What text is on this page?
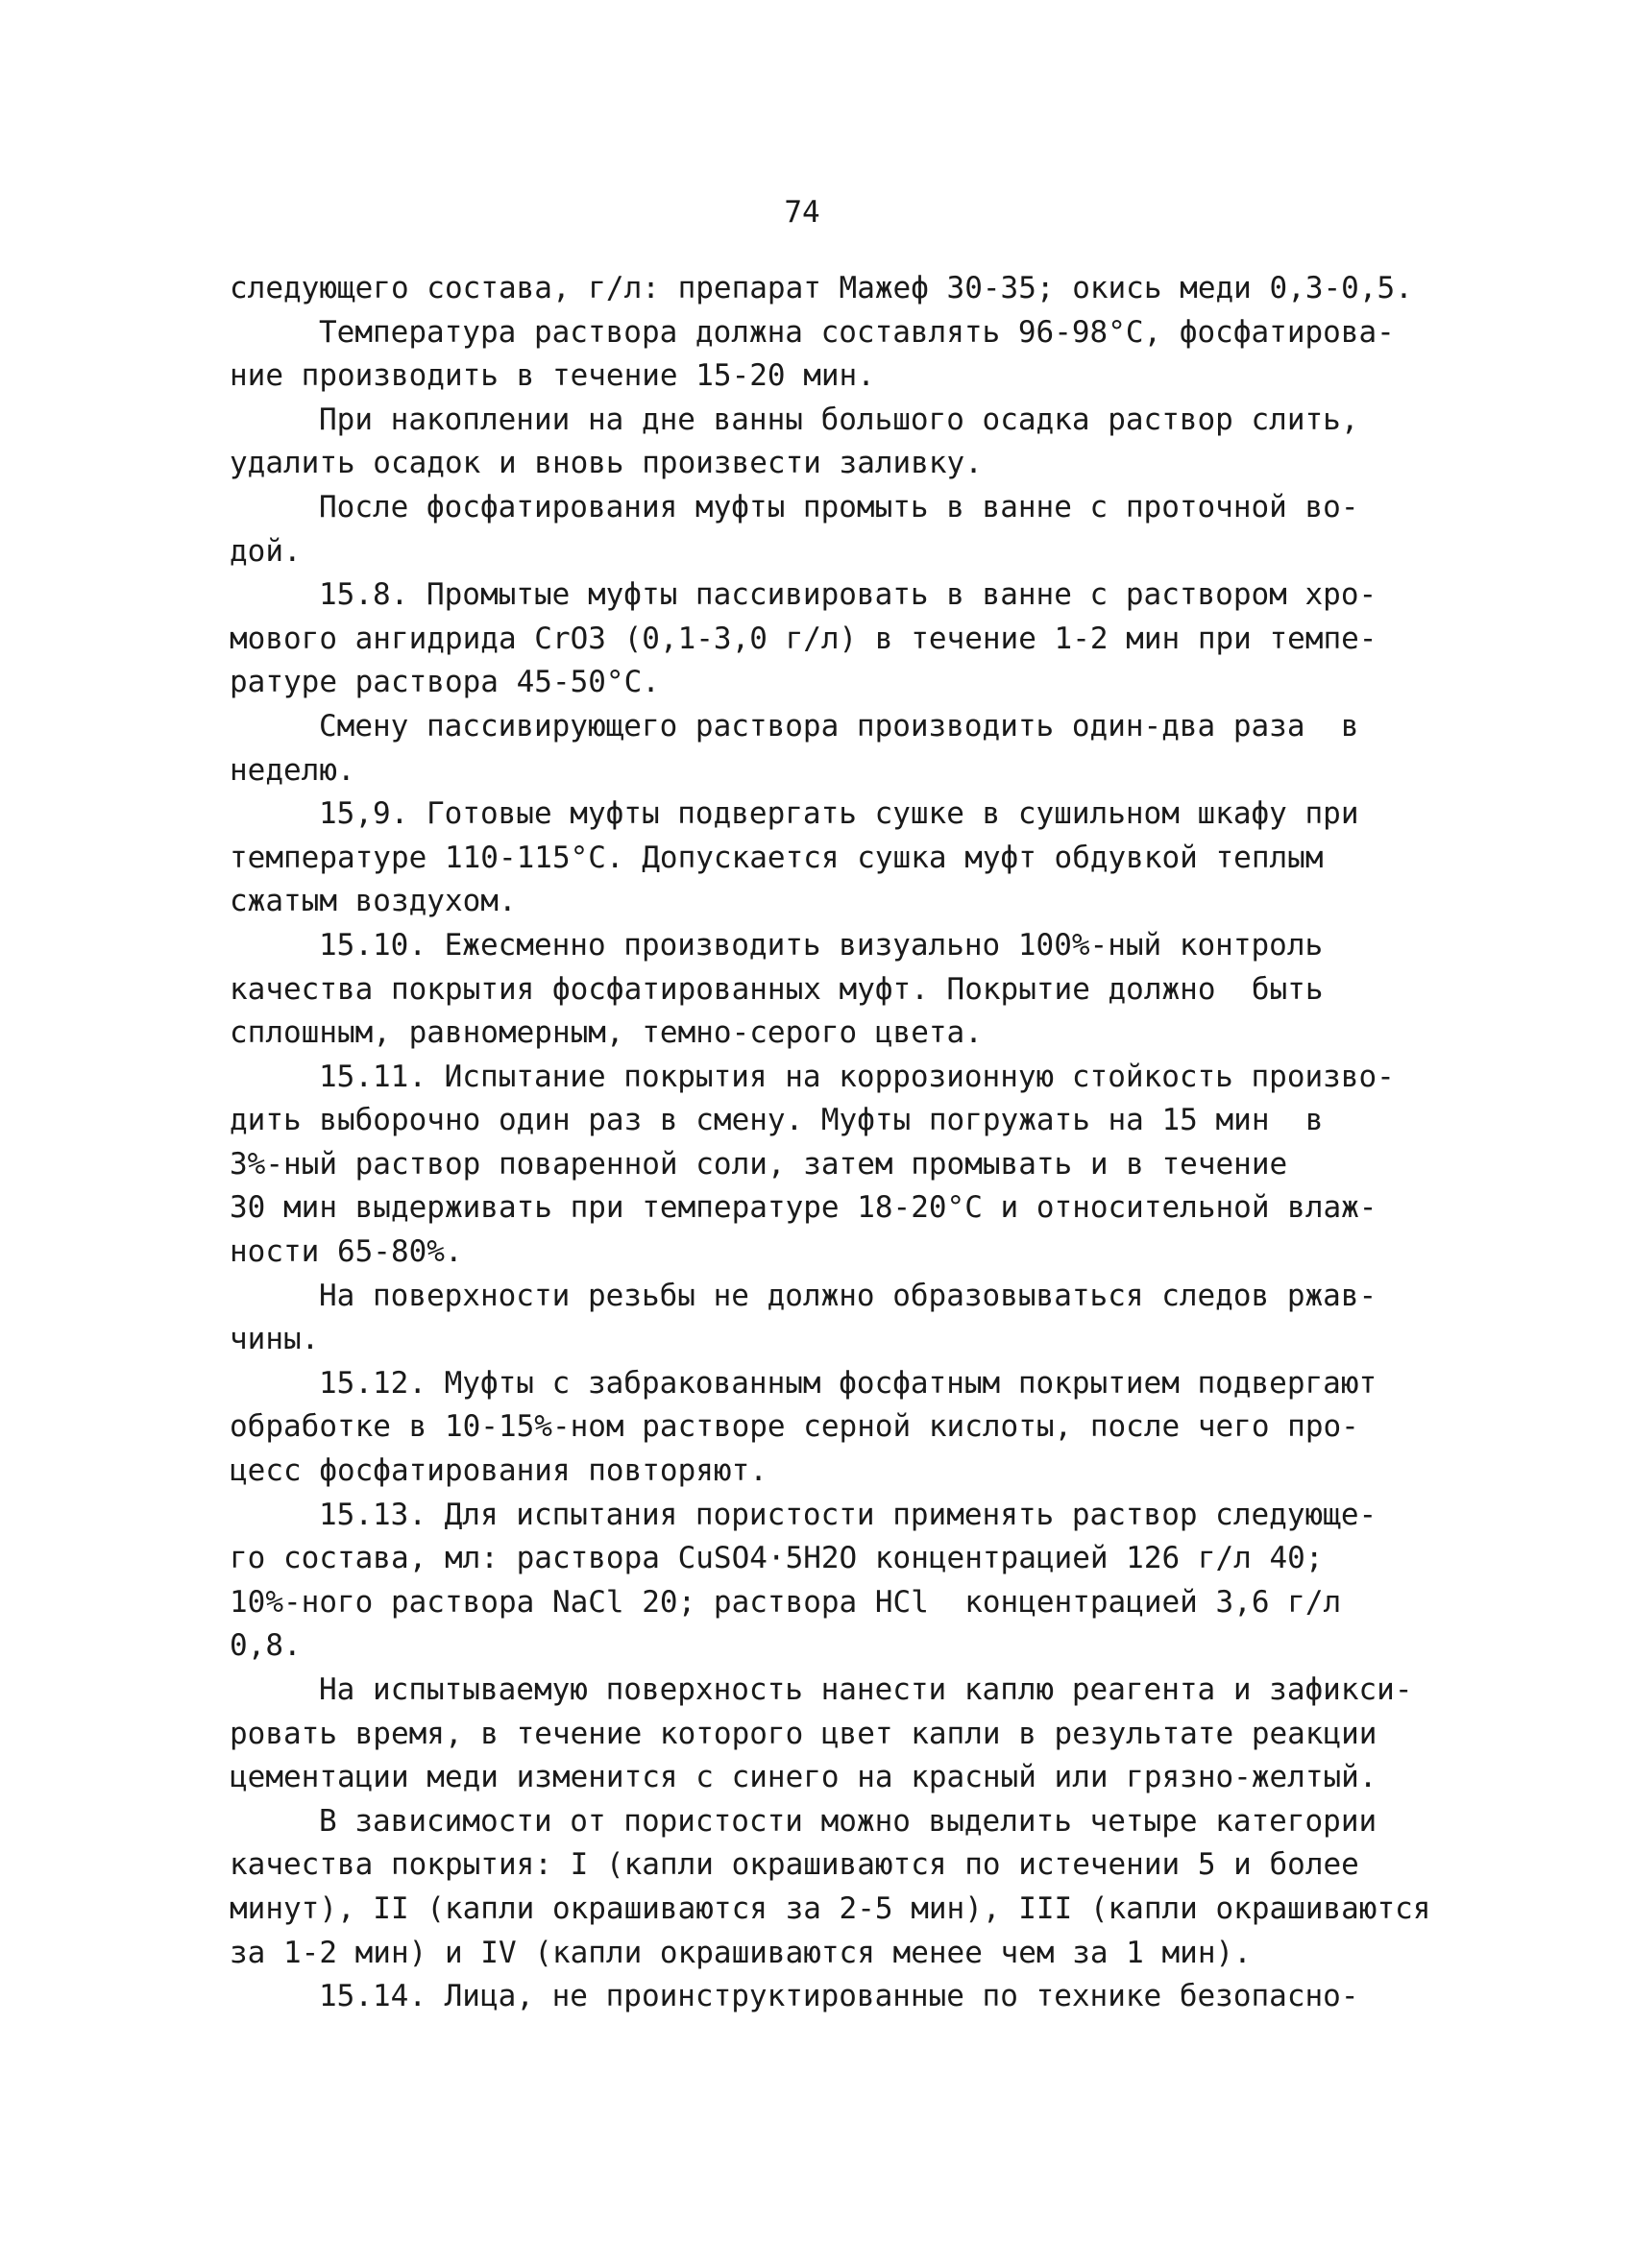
74
следующего состава, г/л: препарат Мажеф 30-35; окись меди 0,3-0,5.
Температура раствора должна составлять 96-98°С, фосфатирова-
ние производить в течение 15-20 мин.
При накоплении на дне ванны большого осадка раствор слить,
удалить осадок и вновь произвести заливку.
После фосфатирования муфты промыть в ванне с проточной во-
дой.
15.8. Промытые муфты пассивировать в ванне с раствором хро-
мового ангидрида CrO3 (0,1-3,0 г/л) в течение 1-2 мин при темпе-
ратуре раствора 45-50°С.
Смену пассивирующего раствора производить один-два раза  в
неделю.
15,9. Готовые муфты подвергать сушке в сушильном шкафу при
температуре 110-115°С. Допускается сушка муфт обдувкой теплым
сжатым воздухом.
15.10. Ежесменно производить визуально 100%-ный контроль
качества покрытия фосфатированных муфт. Покрытие должно  быть
сплошным, равномерным, темно-серого цвета.
15.11. Испытание покрытия на коррозионную стойкость произво-
дить выборочно один раз в смену. Муфты погружать на 15 мин  в
3%-ный раствор поваренной соли, затем промывать и в течение
30 мин выдерживать при температуре 18-20°С и относительной влаж-
ности 65-80%.
На поверхности резьбы не должно образовываться следов ржав-
чины.
15.12. Муфты с забракованным фосфатным покрытием подвергают
обработке в 10-15%-ном растворе серной кислоты, после чего про-
цесс фосфатирования повторяют.
15.13. Для испытания пористости применять раствор следующе-
го состава, мл: раствора CuSO4·5H2O концентрацией 126 г/л 40;
10%-ного раствора NaCl 20; раствора HCl  концентрацией 3,6 г/л
0,8.
На испытываемую поверхность нанести каплю реагента и зафикси-
ровать время, в течение которого цвет капли в результате реакции
цементации меди изменится с синего на красный или грязно-желтый.
В зависимости от пористости можно выделить четыре категории
качества покрытия: I (капли окрашиваются по истечении 5 и более
минут), II (капли окрашиваются за 2-5 мин), III (капли окрашиваются
за 1-2 мин) и IV (капли окрашиваются менее чем за 1 мин).
15.14. Лица, не проинструктированные по технике безопасно-
